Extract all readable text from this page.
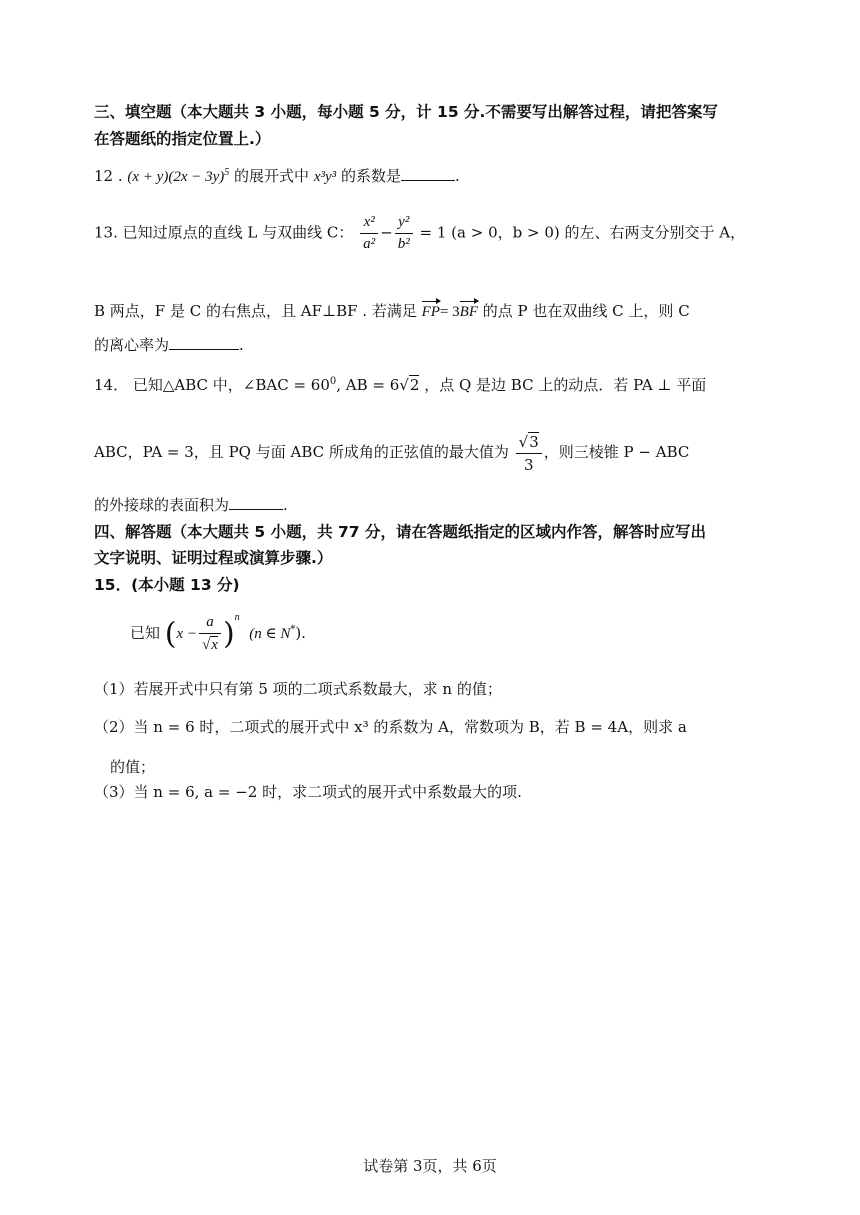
三、填空题（本大题共 3 小题，每小题 5 分，计 15 分.不需要写出解答过程，请把答案写
在答题纸的指定位置上.）
12 . $(x + y)(2x - 3y)^5$ 的展开式中 x³y³ 的系数是	.
13. 已知过原点的直线 L 与双曲线 C： $\frac{\text{x²}}{\text{a²}} - \frac{\text{y²}}{\text{b²}} = 1$ (a > 0，b > 0) 的左、右两支分别交于 A，
B 两点，F 是 C 的右焦点，且 AF⊥BF . 若满足 FP= 3BF 的点 P 也在双曲线 C 上，则 C
的离心率为	.
14． 已知△ABC 中，∠BAC = $60^0$, AB = 6√2 ，点 Q 是边 BC 上的动点．若 PA ⊥ 平面
ABC，PA = 3，且 PQ 与面 ABC 所成角的正弦值的最大值为 $\frac{√3}{3}$ ，则三棱锥 P − ABC
的外接球的表面积为	.
四、解答题（本大题共 5 小题，共 77 分，请在答题纸指定的区域内作答，解答时应写出
文字说明、证明过程或演算步骤.）
15．(本小题 13 分)
已知 $(x - \frac{a}{√x} )^n$  (n ∈ N*).
（1）若展开式中只有第 5 项的二项式系数最大，求 n 的值；
（2）当 n = 6 时，二项式的展开式中 x³ 的系数为 A，常数项为 B，若 B = 4A，则求 a
的值；
（3）当 n = 6, a = −2 时，求二项式的展开式中系数最大的项.
试卷第 3页，共 6页
